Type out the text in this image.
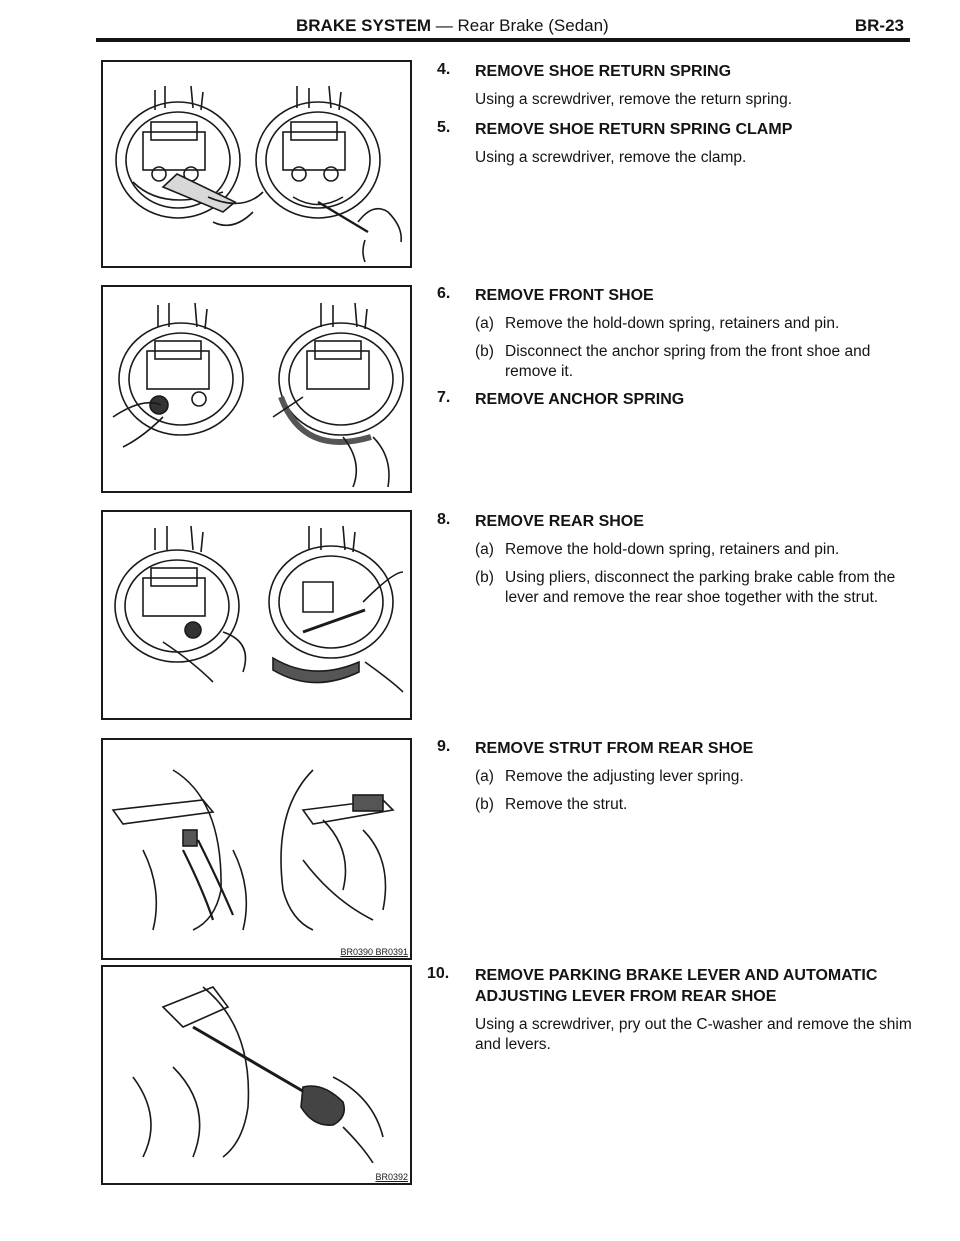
BRAKE SYSTEM — Rear Brake (Sedan)	BR-23
BR0390 BR0391
BR0392
4. REMOVE SHOE RETURN SPRING
Using a screwdriver, remove the return spring.
5. REMOVE SHOE RETURN SPRING CLAMP
Using a screwdriver, remove the clamp.
6. REMOVE FRONT SHOE
(a) Remove the hold-down spring, retainers and pin.
(b) Disconnect the anchor spring from the front shoe and remove it.
7. REMOVE ANCHOR SPRING
8. REMOVE REAR SHOE
(a) Remove the hold-down spring, retainers and pin.
(b) Using pliers, disconnect the parking brake cable from the lever and remove the rear shoe together with the strut.
9. REMOVE STRUT FROM REAR SHOE
(a) Remove the adjusting lever spring.
(b) Remove the strut.
10. REMOVE PARKING BRAKE LEVER AND AUTOMATIC ADJUSTING LEVER FROM REAR SHOE
Using a screwdriver, pry out the C-washer and remove the shim and levers.
